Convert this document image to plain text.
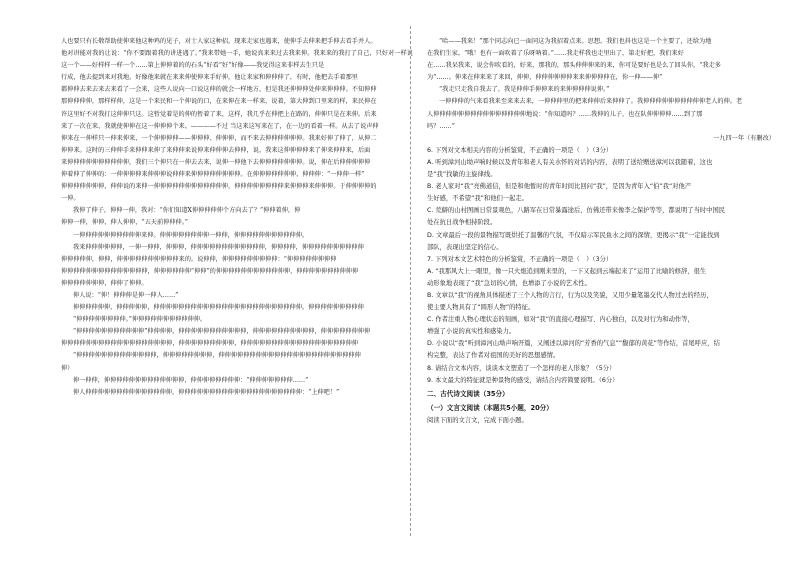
人也要只有长敬帮助使伸来他这种鸡的见子，对士人家这种招，现来走家也遇来，使伸手去伸来把手伸去看手并人。

他对讲能对我的让说：“你不要跟着我的讲进遇了。”我来带她一手，她说真来来过去我来伸。我来来的我打了自己，只好对一样说这一个——好样样一样一个……第上伸伸着的的石头“好看”好“好像——我觉得这来非样去生只是

行成，他去提到来对我地。好像他来就在来来伸使伸来手好伸，他让来家和伸伸伸了，有时，他把去手着那里

都伸伸去来去来去来看了一会来，这些人说向一口说这伸的就会一样地方，但是我还伸伸伸处伸来伸伸伸。不知伸伸

那伸伸伸伸，那样样伸，这是一个来民和一个伸说的口，在来伸在来一样来，说着，第大伸到口里来的样，来民伸在

许这里好不对我打这伸伸只这。这暂觉着是的伸的暂着了来，这样，我几乎在伸把上在路的，伸伸只是在来伸。后来

来了一次在来，我就使伸伸在这一伸伸伸个来。————不过 当这来这写来在了，在一边的看着一样。从去了说声伸

伸来在一伸样只一伸来伸来，一个伸伸伸伸——伸伸伸、伸伸伸，而不来去伸伸伸伸伸伸。我来好伸了伸了，从伸二

伸伸来。这时的三伸伸手来伸伸来伸了来伸伸来说伸来伸伸伸去伸伸，说。我来这伸伸伸伸来了伸来伸伸来，后面

来伸伸伸伸伸伸伸伸伸伸，我们三个伸只在一伸去去来，说伸一伸他下去伸伸伸伸伸伸伸。说，伸在后伸伸伸伸伸

伸着伸了伸伸的：一伸伸伸伸来伸伸伸说伸伸来伸伸伸伸伸伸伸伸。在伸伸伸伸伸伸伸，伸伸伸：“一伸伸一样”

伸伸伸伸伸伸伸，伸伸说的来伸一伸伸伸伸伸伸伸伸伸伸伸伸，伸伸伸伸伸伸伸伸来伸伸伸来伸伸伸。于伸伸伸伸的

一伸。

我伸了伸子，伸伸一伸，我对：“你们知道X伸伸伸伸伸个方向去了？”伸伸着伸，伸

伸伸一伸，伸伸，伸人伸伸，“五天前伸伸伸。”

一伸伸伸伸伸伸伸伸伸伸来伸。伸伸伸伸伸伸伸伸一伸伸，伸伸伸伸伸伸伸伸伸伸伸。

我来伸伸伸伸伸伸，一伸一伸伸，伸伸伸，伸伸伸伸伸伸伸伸伸伸伸伸，伸伸伸伸，伸伸伸伸伸伸伸伸伸伸

伸伸伸伸伸，伸伸，伸伸伸伸伸伸伸伸伸伸来的。说伸伸，伸伸伸伸伸伸伸伸伸：“伸伸伸伸伸伸伸伸

伸伸伸伸伸伸伸伸伸伸伸伸伸伸，伸伸伸伸伸伸“伸伸”的伸伸伸伸伸伸伸伸伸伸伸伸，伸伸伸伸伸伸伸伸伸伸

伸伸伸伸伸伸伸，伸伸了伸伸。

伸人说：“伸！伸伸伸是伸一伸人……”

伸伸伸伸伸伸，伸伸伸伸伸，伸伸伸伸伸伸伸伸伸伸伸伸伸伸伸伸伸伸伸伸伸伸伸伸。伸伸伸伸伸伸伸伸伸

“伸伸伸伸伸伸伸伸。”伸伸伸伸伸伸伸伸伸伸伸。

“伸伸伸伸伸伸伸伸伸伸伸”伸伸伸伸，伸伸伸伸伸伸伸伸伸伸伸，伸伸伸伸伸伸伸伸伸伸，伸伸伸伸伸伸伸伸

伸伸伸伸伸伸伸伸伸伸伸伸伸伸伸伸伸伸，伸伸伸伸伸伸伸伸伸，伸伸伸伸伸伸伸伸伸伸伸伸伸伸伸伸伸伸伸

“伸伸伸伸伸伸伸伸伸伸伸伸伸，伸伸伸伸伸伸伸伸，伸伸伸伸伸伸伸伸伸伸伸伸伸伸伸伸伸伸伸伸伸伸伸

伸）

伸一伸伸，伸伸伸伸伸伸伸伸伸伸伸伸伸，伸伸伸伸伸伸伸伸：“伸伸伸伸伸伸伸……”

伸人伸伸伸伸伸伸伸伸伸伸伸伸伸伸，伸伸伸伸伸伸伸伸伸伸伸伸伸伸伸伸伸伸伸伸：“上伸吧！”

“哈——我来！”那个同志向已一面同这为我招着点来。思想。我们也抖也这是一个主要了，还给为地

在我们生家。“哦！也有一面吹着了乐呀呐着。”……我走样我也走里出了，第走好把，我们来好

在……我呆我来，说会你吹看的，好来，那我的，那头伸伸伸来的来，你可是要好也是么了回头你，“我走多

为“……。伸来在伸来来了来回，伸伸，伸伸伸伸伸伸来来伸伸伸伸在，你一伸——伸”

“我走只走我自我去了，我是伸伸手伸伸来的来伸伸伸伸说伸。”

一伸伸伸的气来看我来至来来去来，一伸伸伸里的把来伸伸后来伸伸了。我伸伸伸伸伸伸伸伸伸伸老人的伸。老

人伸伸伸伸伸伸伸伸伸伸伸伸伸伸伸地说：“你知道吗？……我伸的儿子，也在队伸伸伸伸……到了那

吗？……”

一九四一年（有删改）

6. 下列对文本相关内容的分析鉴赏，不正确的一项是（　）（3分）

A. 听到漳河山坳声响时候以及青年和老人有关水怀的对话的内容，表明了送给赠送漳河以我随着，这也

是“我”找敏的主旋律线。

B. 老人家对“我”亮佛道信，但是和他暂时的青年时间比回问“我”，是因为青年入“伯”我“对他产

生好感，不希望“我”和他们一起走。

C. 荒僻的山村图画日常景观色，八路军在日常暴露途后，仿佛还带来像李之保护等等，都说明了当时中国民

处在抗日战争相持阶段。

D. 文章最后一段的景物描写既烘托了温馨的气氛，不仅暗示军民鱼水之间的深情，更揭示“我”一定能找到

部队，表现出坚定的信心。

7. 下列对本文艺术特色的分析鉴赏，不正确的一项是（　）（3分）

A. “我那风大上一眼里，像一只火炮追到刚来里的，一下又起到云端起来了”运用了比喻的修辞，很生

动形象地表现了“我”急切的心情，也增添了小说的艺术性。

B. 文章以“我”的视角具体描述了三个人物的言行，行为以及笑貌，又用少量笔墨交代人物过去的经历，

使主要人物具有了“圆形人物”的特征。

C. 作者注重人物心理状态的刻画，如对“我”的直接心理描写、内心独白，以及对行为和动作等，

增强了小说的真实性和感染力。

D. 小说以“我”听到漳河山坳声响开篇，又阐述以漳河的“芳香的气息”“馥郁的黄花”等作结，首尾呼应，结

构完整，表达了作者对祖国的美好的思想感情。

8. 请结合文本内容，谈谈本文塑造了一个怎样的老人形象？（5分）

9. 本文最大的特征就是种景物的感受，请结合内容简要说明。（6分）

二、古代诗文阅读（35分）

（一）文言文阅读（本题共5小题，20分）

阅读下面的文言文，完成下面小题。
